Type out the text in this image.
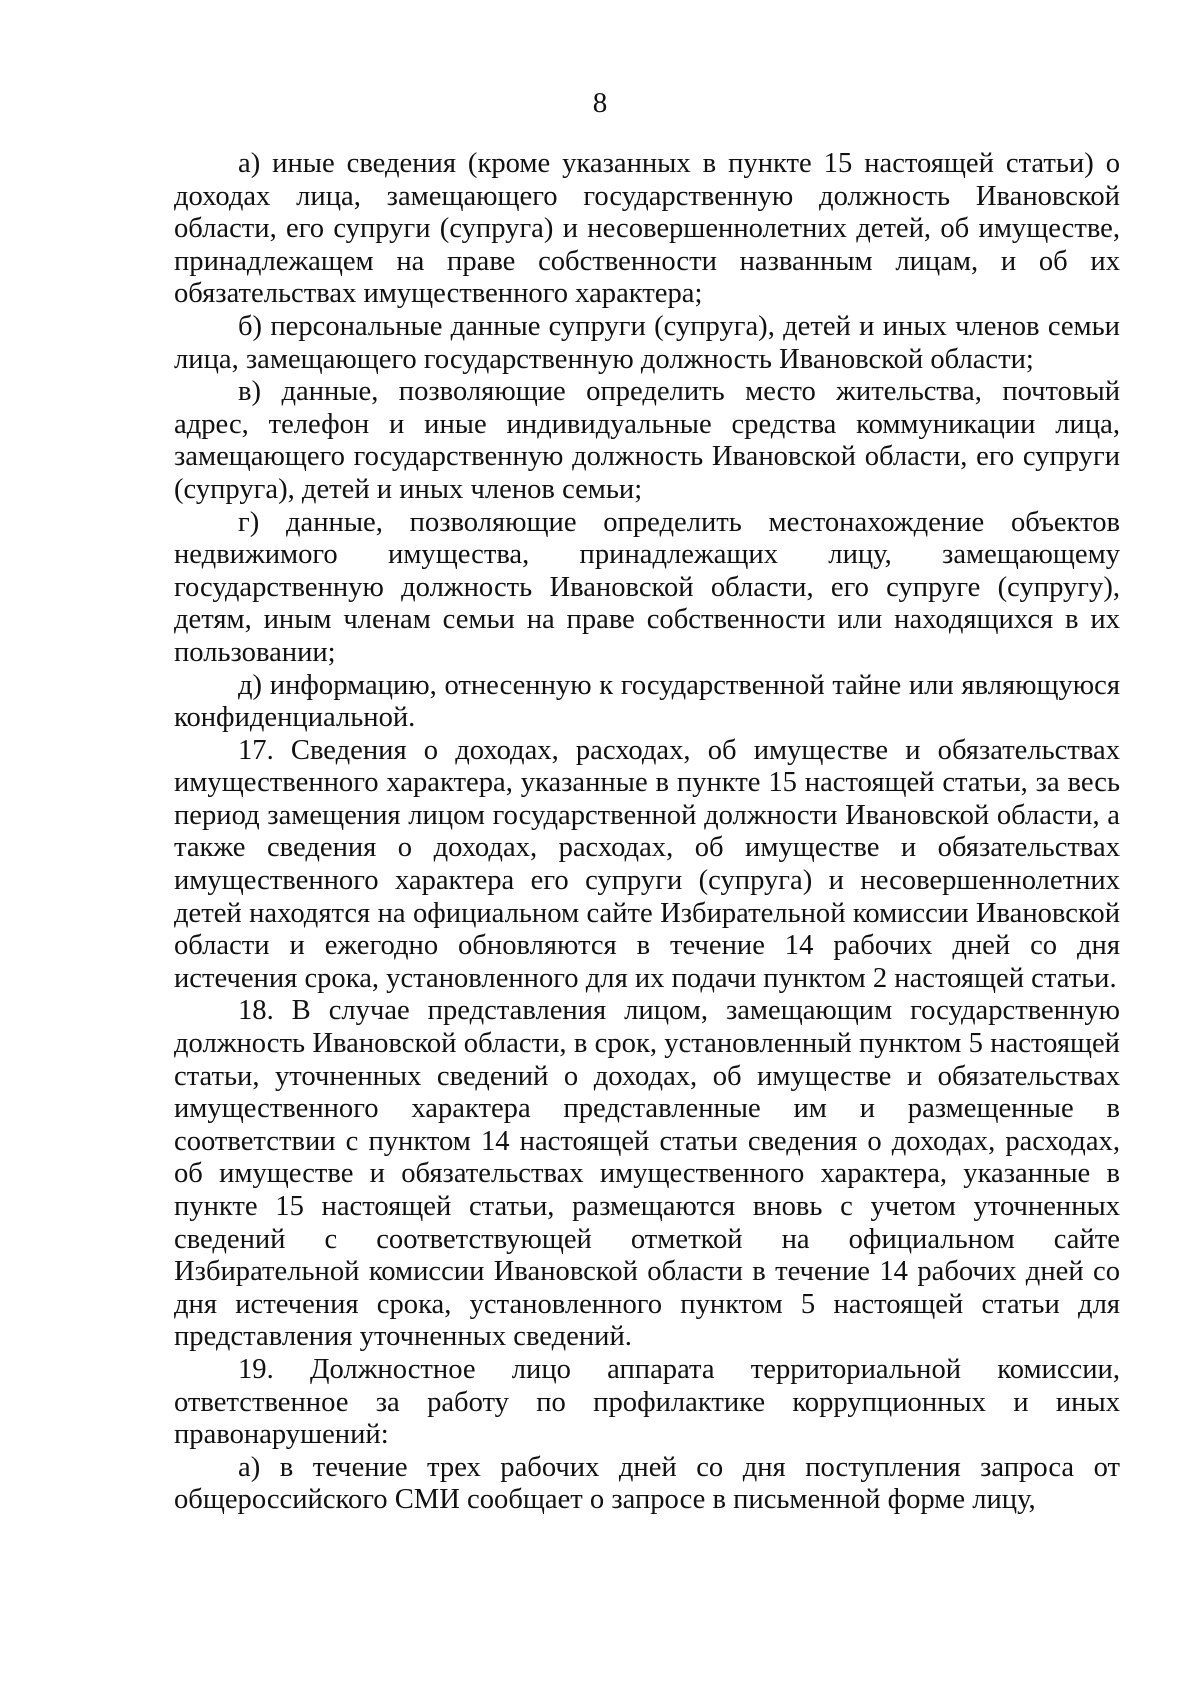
8

а) иные сведения (кроме указанных в пункте 15 настоящей статьи) о доходах лица, замещающего государственную должность Ивановской области, его супруги (супруга) и несовершеннолетних детей, об имуществе, принадлежащем на праве собственности названным лицам, и об их обязательствах имущественного характера;

б) персональные данные супруги (супруга), детей и иных членов семьи лица, замещающего государственную должность Ивановской области;

в) данные, позволяющие определить место жительства, почтовый адрес, телефон и иные индивидуальные средства коммуникации лица, замещающего государственную должность Ивановской области, его супруги (супруга), детей и иных членов семьи;

г) данные, позволяющие определить местонахождение объектов недвижимого имущества, принадлежащих лицу, замещающему государственную должность Ивановской области, его супруге (супругу), детям, иным членам семьи на праве собственности или находящихся в их пользовании;

д) информацию, отнесенную к государственной тайне или являющуюся конфиденциальной.

17. Сведения о доходах, расходах, об имуществе и обязательствах имущественного характера, указанные в пункте 15 настоящей статьи, за весь период замещения лицом государственной должности Ивановской области, а также сведения о доходах, расходах, об имуществе и обязательствах имущественного характера его супруги (супруга) и несовершеннолетних детей находятся на официальном сайте Избирательной комиссии Ивановской области и ежегодно обновляются в течение 14 рабочих дней со дня истечения срока, установленного для их подачи пунктом 2 настоящей статьи.

18. В случае представления лицом, замещающим государственную должность Ивановской области, в срок, установленный пунктом 5 настоящей статьи, уточненных сведений о доходах, об имуществе и обязательствах имущественного характера представленные им и размещенные в соответствии с пунктом 14 настоящей статьи сведения о доходах, расходах, об имуществе и обязательствах имущественного характера, указанные в пункте 15 настоящей статьи, размещаются вновь с учетом уточненных сведений с соответствующей отметкой на официальном сайте Избирательной комиссии Ивановской области в течение 14 рабочих дней со дня истечения срока, установленного пунктом 5 настоящей статьи для представления уточненных сведений.

19. Должностное лицо аппарата территориальной комиссии, ответственное за работу по профилактике коррупционных и иных правонарушений:

а) в течение трех рабочих дней со дня поступления запроса от общероссийского СМИ сообщает о запросе в письменной форме лицу,
